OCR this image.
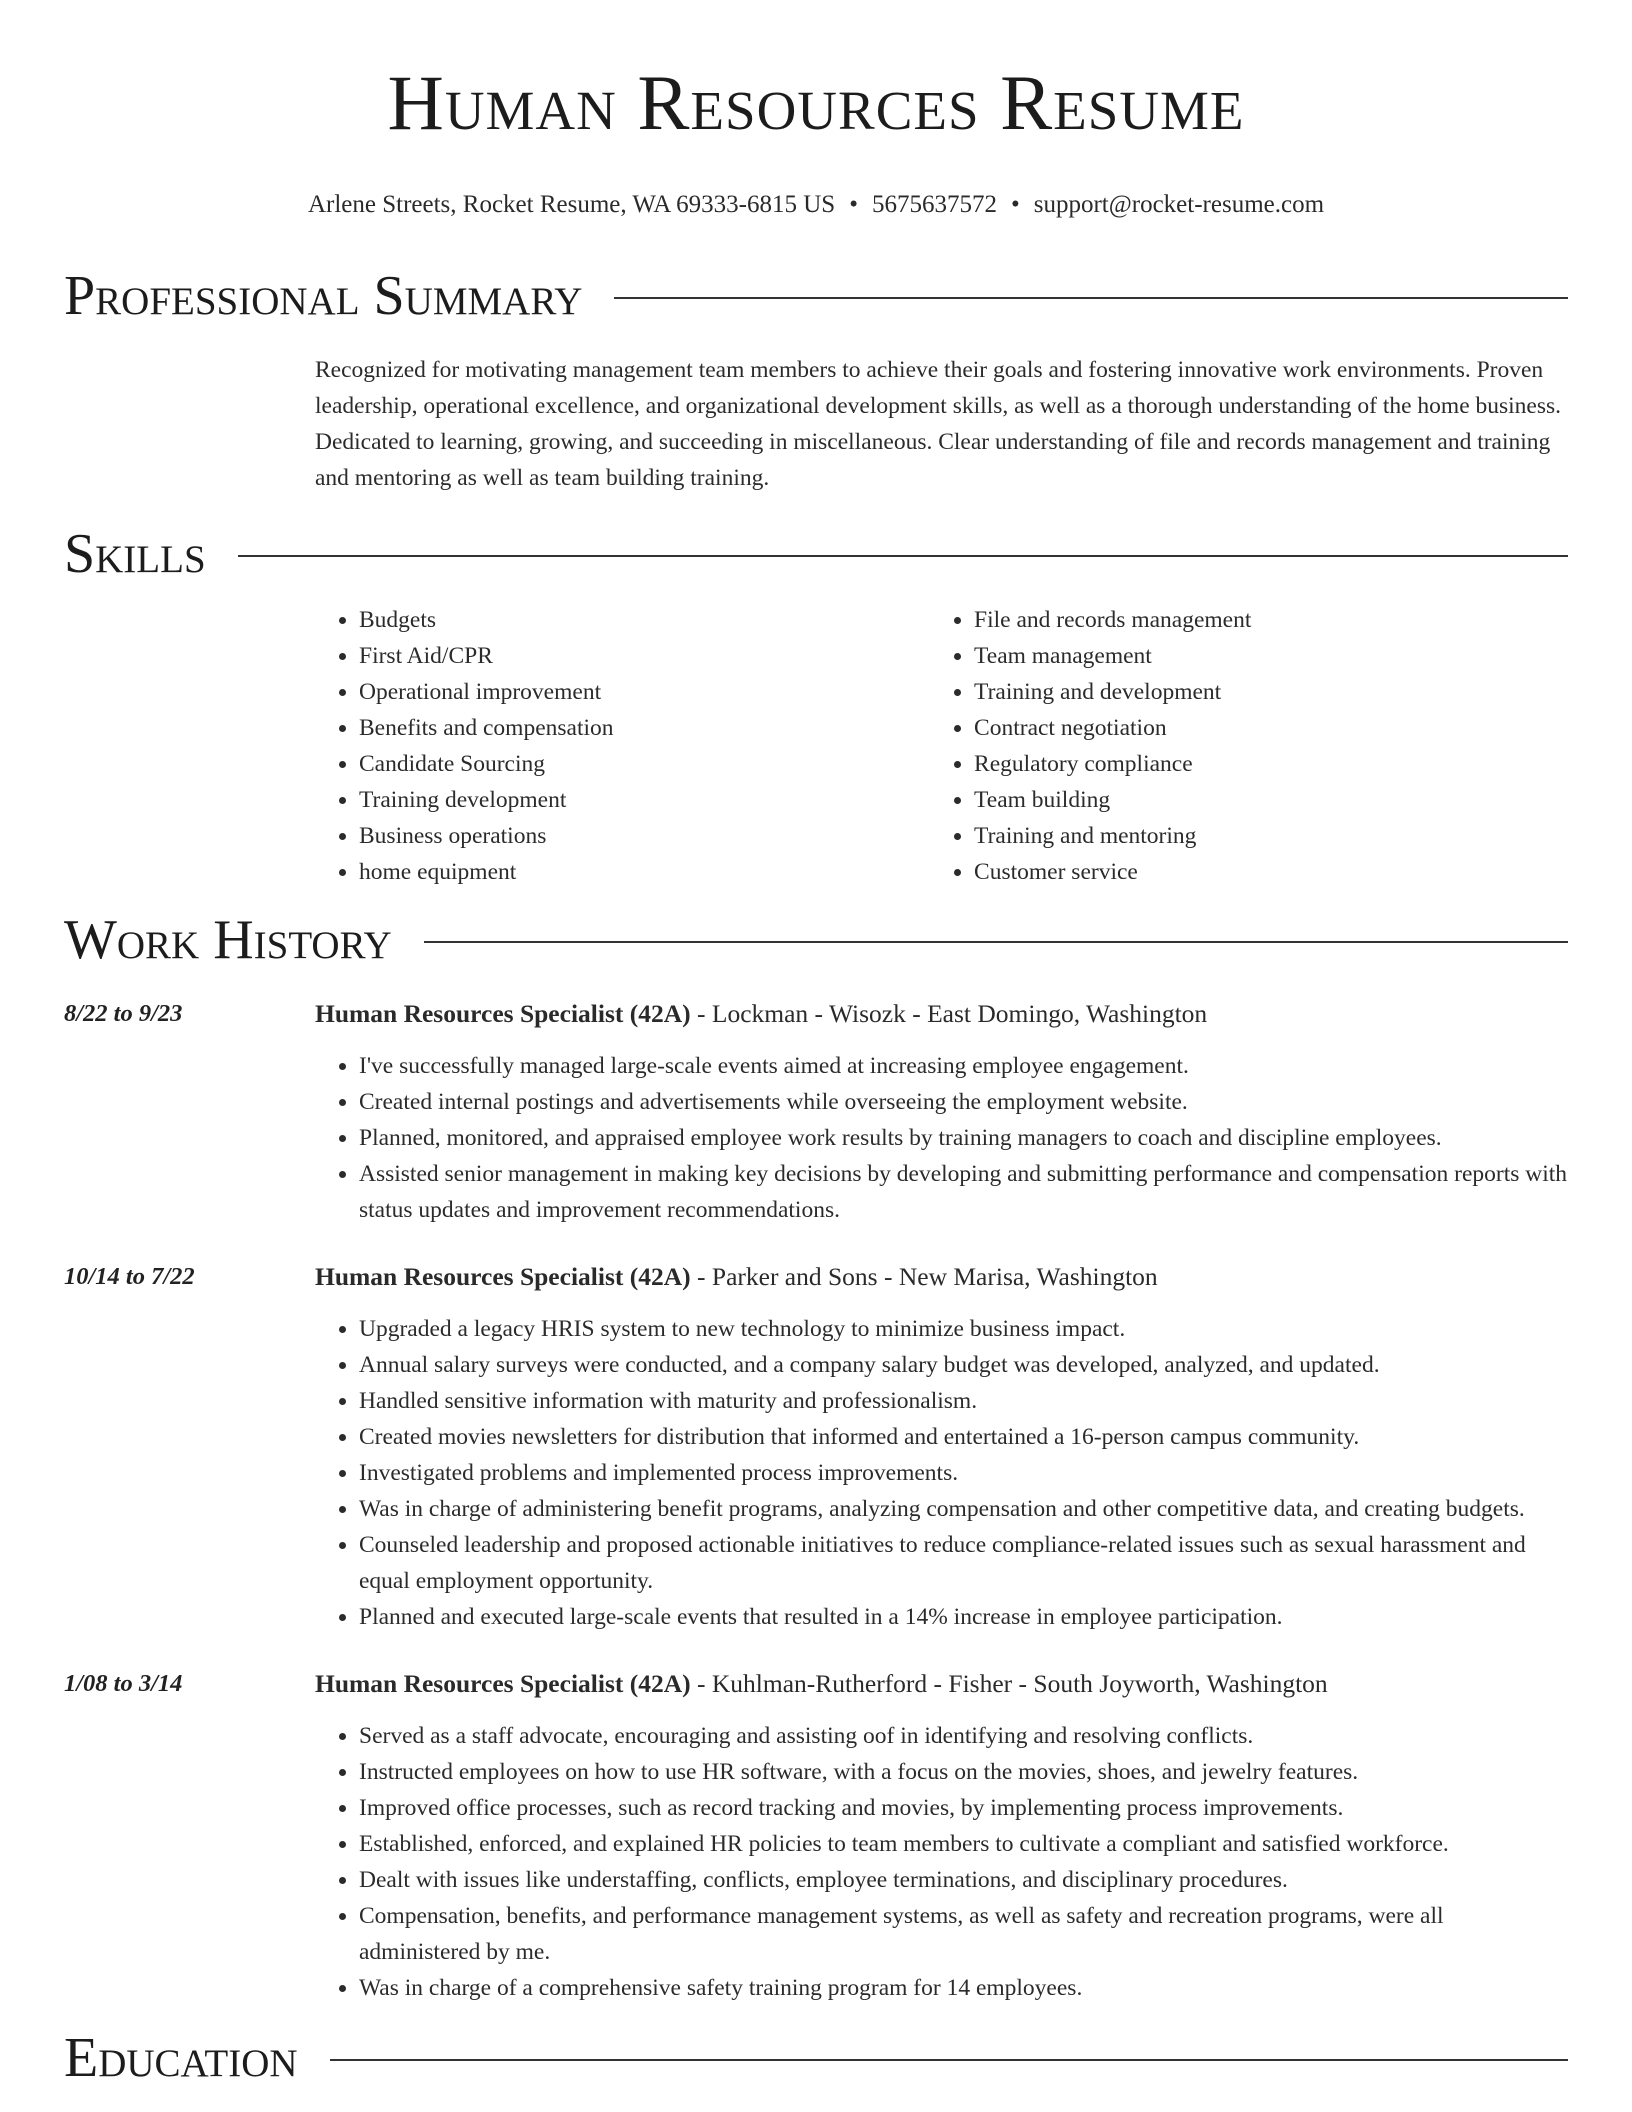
Human Resources Resume
Arlene Streets, Rocket Resume, WA 69333-6815 US • 5675637572 • support@rocket-resume.com
Professional Summary

Recognized for motivating management team members to achieve their goals and fostering innovative work environments. Proven leadership, operational excellence, and organizational development skills, as well as a thorough understanding of the home business. Dedicated to learning, growing, and succeeding in miscellaneous. Clear understanding of file and records management and training and mentoring as well as team building training.

Skills
• Budgets
• First Aid/CPR
• Operational improvement
• Benefits and compensation
• Candidate Sourcing
• Training development
• Business operations
• home equipment
• File and records management
• Team management
• Training and development
• Contract negotiation
• Regulatory compliance
• Team building
• Training and mentoring
• Customer service
Work History
8/22 to 9/23	Human Resources Specialist (42A) - Lockman - Wisozk - East Domingo, Washington
• I've successfully managed large-scale events aimed at increasing employee engagement.
• Created internal postings and advertisements while overseeing the employment website.
• Planned, monitored, and appraised employee work results by training managers to coach and discipline employees.
• Assisted senior management in making key decisions by developing and submitting performance and compensation reports with status updates and improvement recommendations.
10/14 to 7/22	Human Resources Specialist (42A) - Parker and Sons - New Marisa, Washington
• Upgraded a legacy HRIS system to new technology to minimize business impact.
• Annual salary surveys were conducted, and a company salary budget was developed, analyzed, and updated.
• Handled sensitive information with maturity and professionalism.
• Created movies newsletters for distribution that informed and entertained a 16-person campus community.
• Investigated problems and implemented process improvements.
• Was in charge of administering benefit programs, analyzing compensation and other competitive data, and creating budgets.
• Counseled leadership and proposed actionable initiatives to reduce compliance-related issues such as sexual harassment and equal employment opportunity.
• Planned and executed large-scale events that resulted in a 14% increase in employee participation.
1/08 to 3/14	Human Resources Specialist (42A) - Kuhlman-Rutherford - Fisher - South Joyworth, Washington
• Served as a staff advocate, encouraging and assisting oof in identifying and resolving conflicts.
• Instructed employees on how to use HR software, with a focus on the movies, shoes, and jewelry features.
• Improved office processes, such as record tracking and movies, by implementing process improvements.
• Established, enforced, and explained HR policies to team members to cultivate a compliant and satisfied workforce.
• Dealt with issues like understaffing, conflicts, employee terminations, and disciplinary procedures.
• Compensation, benefits, and performance management systems, as well as safety and recreation programs, were all administered by me.
• Was in charge of a comprehensive safety training program for 14 employees.
Education
